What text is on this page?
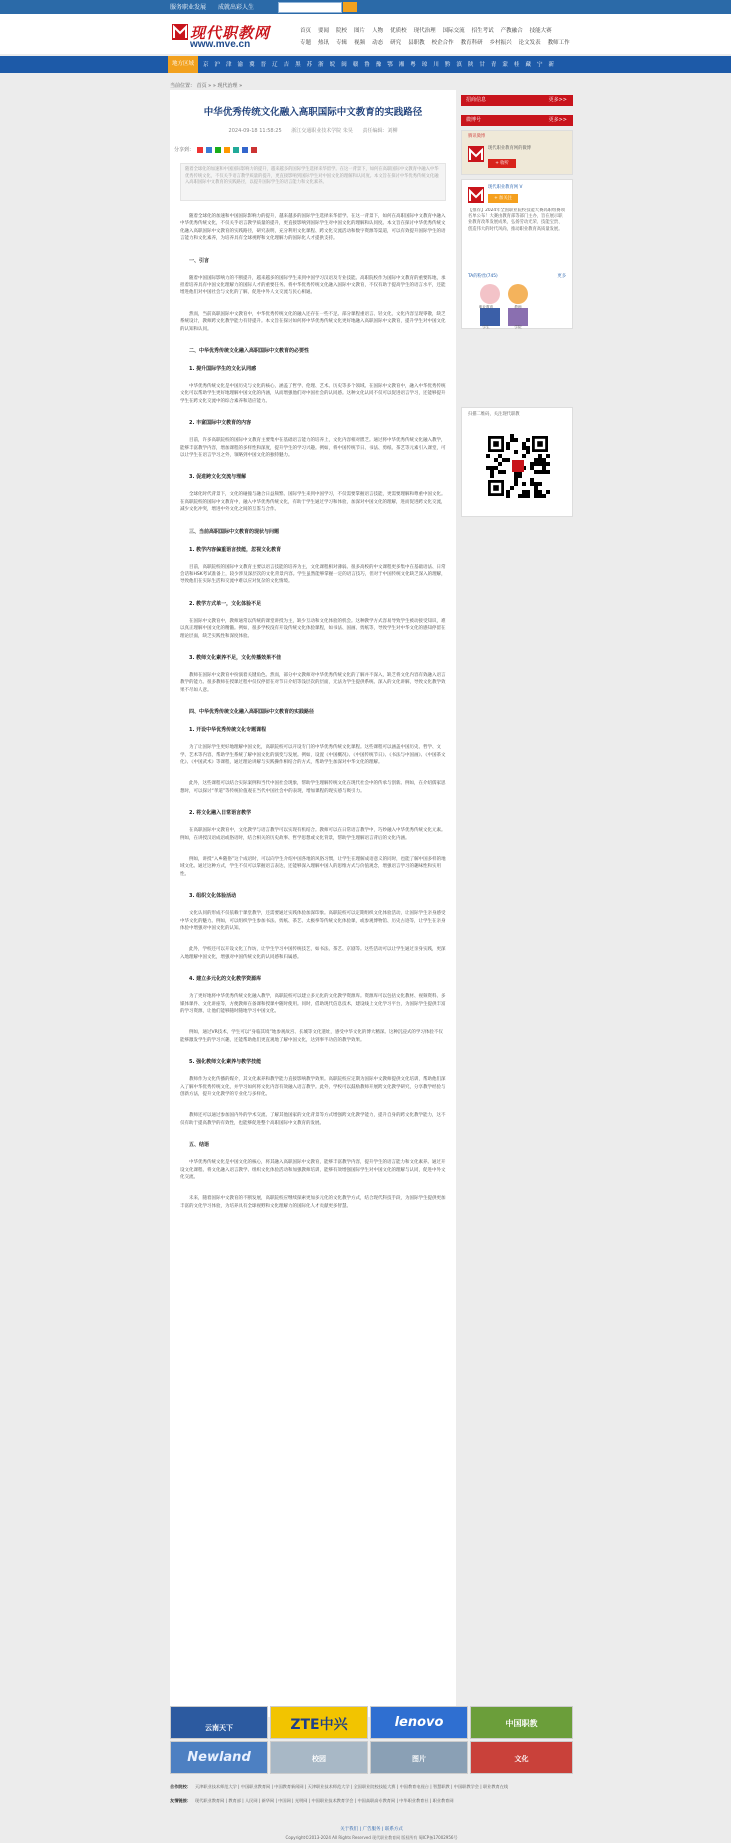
服务职业发展 成就出彩人生
现代职教网
www.mve.cn
首页 要闻 院校 图片 人物 优质校 现代治理 国际交流 招生考试 产教融合 技能大赛
专题 热讯 专辑 视频 动态 研究 县职教 校企合作 教育科研 乡村振兴 论文发表 教师工作
地方区域	京 沪 津 渝 冀 晋 辽 吉 黑 苏 浙 皖 闽 赣 鲁 豫 鄂 湘 粤 琼 川 黔 滇 陕 甘 青 蒙 桂 藏 宁 新
当前位置： 首页 » » 现代治理 »
中华优秀传统文化融入高职国际中文教育的实践路径
2024-09-18 11:58:25 浙江交通职业技术学院 朱昊 责任编辑：刘柳
分享到：
随着全球化的加速和中国国际影响力的提升，越来越多的国际学生选择来华留学。在这一背景下，如何在高职国际中文教育中融入中华优秀传统文化，不仅关乎语言教学质量的提升，更直接影响到国际学生对中国文化的理解和认同度。本文旨在探讨中华优秀传统文化融入高职国际中文教育的实践路径，以提升国际学生的语言能力和文化素养。
随着全球化的加速和中国国际影响力的提升，越来越多的国际学生选择来华留学。在这一背景下，如何在高职国际中文教育中融入中华优秀传统文化，不仅关乎语言教学质量的提升，更直接影响到国际学生对中国文化的理解和认同度。本文旨在探讨中华优秀传统文化融入高职国际中文教育的实践路径，研究表明，充分利用文化课程、跨文化交流活动和数字资源等渠道，可以有效提升国际学生的语言能力和文化素养，为培养具有全球视野和文化理解力的国际化人才提供支持。
一、引言
随着中国国际影响力的不断提升，越来越多的国际学生来到中国学习汉语及专业技能。高职院校作为国际中文教育的重要阵地，承担着培养具有中国文化理解力的国际人才的重要任务。将中华优秀传统文化融入国际中文教育，不仅有助于提高学生的语言水平，还能增进他们对中国社会与文化的了解，促进中外人文交流与民心相通。
然而，当前高职国际中文教育中，中华优秀传统文化的融入还存在一些不足。部分课程重语言、轻文化，文化内容呈现零散，缺乏系统设计，教师跨文化教学能力有待提升。本文旨在探讨如何将中华优秀传统文化更好地融入高职国际中文教育，提升学生对中国文化的认知和认同。
二、中华优秀传统文化融入高职国际中文教育的必要性
1. 提升国际学生的文化认同感
中华优秀传统文化是中国历史与文化的核心，涵盖了哲学、伦理、艺术、历史等多个领域。在国际中文教育中，融入中华优秀传统文化可以帮助学生更好地理解中国文化的内涵，从而增强他们对中国社会的认同感。这种文化认同不仅可以促进语言学习，还能够提升学生在跨文化交流中的综合素养和适应能力。
2. 丰富国际中文教育的内容
目前，许多高职院校的国际中文教育主要集中在基础语言能力的培养上，文化内容相对匮乏。通过将中华优秀传统文化融入教学，能够丰富教学内容，增加课程的多样性和深度，提升学生的学习兴趣。例如，将中国传统节日、书法、剪纸、茶艺等元素引入课堂，可以让学生在语言学习之外，领略到中国文化的独特魅力。
3. 促进跨文化交流与理解
全球化时代背景下，文化的碰撞与融合日益频繁。国际学生来到中国学习，不仅需要掌握语言技能，更需要理解和尊重中国文化。在高职院校的国际中文教育中，融入中华优秀传统文化，有助于学生通过学习和体验，加深对中国文化的理解，进而促进跨文化交流，减少文化冲突，增进中外文化之间的互鉴与合作。
三、当前高职国际中文教育的现状与问题
1. 教学内容偏重语言技能，忽视文化教育
目前，高职院校的国际中文教育主要以语言技能的培养为主，文化课程相对薄弱。很多高校的中文课程更多集中在基础语法、日常会话和HSK考试准备上，较少涉及深层次的文化背景内容。学生虽然能够掌握一定的语言技巧，但对于中国传统文化缺乏深入的理解，导致他们在实际生活和交流中难以应对复杂的文化情境。
2. 教学方式单一，文化体验不足
在国际中文教育中，教师通常以传统的课堂讲授为主，缺少互动和文化体验的机会。这种教学方式容易导致学生被动接受知识，难以真正理解中国文化的精髓。例如，很多学校没有开设传统文化体验课程，如书法、国画、剪纸等，导致学生对中华文化的感知停留在理论层面，缺乏实践性和深度体验。
3. 教师文化素养不足，文化传播效果不佳
教师在国际中文教育中扮演着关键角色。然而，部分中文教师对中华优秀传统文化的了解并不深入，缺乏将文化内容有效融入语言教学的能力。很多教师在授课过程中仅仅停留在对节日介绍等浅层次的层面，无法为学生提供系统、深入的文化讲解，导致文化教学效果不尽如人意。
四、中华优秀传统文化融入高职国际中文教育的实践路径
1. 开设中华优秀传统文化专题课程
为了让国际学生更好地理解中国文化，高职院校可以开设专门的中华优秀传统文化课程。这些课程可以涵盖中国历史、哲学、文学、艺术等内容，帮助学生系统了解中国文化的演变与发展。例如，设置《中国概况》、《中国传统节日》、《书法与中国画》、《中国茶文化》、《中国武术》等课程，通过理论讲解与实践操作相结合的方式，帮助学生加深对中华文化的理解。
此外，这些课程可以结合实际案例和当代中国社会现象，帮助学生理解传统文化在现代社会中的传承与创新。例如，在介绍儒家思想时，可以探讨“孝道”等传统价值观在当代中国社会中的表现，增加课程的现实感与吸引力。
2. 将文化融入日常语言教学
在高职国际中文教育中，文化教学与语言教学可以实现有机结合。教师可以在日常语言教学中，巧妙融入中华优秀传统文化元素。例如，在讲授汉语成语或俗语时，结合相关的历史故事、哲学思想或文化背景，帮助学生理解语言背后的文化内涵。
例如，讲授“入乡随俗”这个成语时，可以向学生介绍中国各地的风俗习惯，让学生在理解成语意义的同时，也能了解中国多样的地域文化。通过这种方式，学生不仅可以掌握语言表达，还能够深入理解中国人的思维方式与价值观念，增强语言学习的趣味性和实用性。
3. 组织文化体验活动
文化认同的形成不仅依赖于课堂教学，还需要通过实践体验加深印象。高职院校可以定期组织文化体验活动，让国际学生亲身感受中华文化的魅力。例如，可以组织学生参加书法、剪纸、茶艺、太极拳等传统文化体验课，或参观博物馆、历史古迹等，让学生在亲身体验中增强对中国文化的认知。
此外，学校还可以开设文化工作坊，让学生学习中国传统技艺，如书法、茶艺、京剧等。这些活动可以让学生通过亲身实践，更深入地理解中国文化，增强对中国传统文化的认同感和归属感。
4. 建立多元化的文化教学资源库
为了更好地将中华优秀传统文化融入教学，高职院校可以建立多元化的文化教学资源库。资源库可以包括文化教材、视频资料、多媒体课件、文化讲座等，方便教师在备课和授课中随时使用。同时，借助现代信息技术，建设线上文化学习平台，为国际学生提供丰富的学习资源，让他们能够随时随地学习中国文化。
例如，通过VR技术，学生可以“身临其境”地参观故宫、长城等文化遗址，感受中华文化的博大精深。这种沉浸式的学习体验不仅能够激发学生的学习兴趣，还能帮助他们更直观地了解中国文化，达到事半功倍的教学效果。
5. 强化教师文化素养与教学技能
教师作为文化传播的媒介，其文化素养和教学能力直接影响教学效果。高职院校应定期为国际中文教师提供文化培训，帮助他们深入了解中华优秀传统文化，并学习如何将文化内容有效融入语言教学。此外，学校可以鼓励教师开展跨文化教学研究，分享教学经验与创新方法，提升文化教学的专业化与多样化。
教师还可以通过参加国内外的学术交流、了解其他国家的文化背景等方式增强跨文化教学能力，提升自身的跨文化教学能力，这不仅有助于提高教学的有效性，也能够促进整个高职国际中文教育的发展。
五、结语
中华优秀传统文化是中国文化的核心，将其融入高职国际中文教育，能够丰富教学内容，提升学生的语言能力和文化素养。通过开设文化课程、将文化融入语言教学、组织文化体验活动和加强教师培训，能够有效增强国际学生对中国文化的理解与认同，促进中外文化交流。
未来，随着国际中文教育的不断发展，高职院校应继续探索更加多元化的文化教学方式，结合现代科技手段，为国际学生提供更加丰富的文化学习体验，为培养具有全球视野和文化理解力的国际化人才贡献更多智慧。
招商信息	更多>>
微博号	更多>>
腾讯微博
现代职业教育网的微博
+ 收听
现代职业教育网 V
+ 加关注
【推荐】2024年全国职业院校技能大赛高职组赛项名单公布！大赛由教育部等部门主办，旨在展示职业教育改革发展成果，弘扬劳动光荣、技能宝贵、创造伟大的时代风尚，推动职业教育高质量发展。
TA的粉丝(745)	更多
职业教育	教师
学生	学院
扫描二维码，关注现代职教
云南天下	ZTE中兴	lenovo	中国职教
Newland	校园	图片	文化
合作院校： 天津职业技术师范大学 | 中国职业教育网 | 中国教育新闻网 | 天津职业技术师范大学 | 全国职业院校技能大赛 | 中国教育电视台 | 智慧职教 | 中国职教学会 | 职业教育在线
友情链接： 现代职业教育网 | 教育部 | 人民网 | 新华网 | 中国网 | 光明网 | 中国职业技术教育学会 | 中国高职高专教育网 | 中华职业教育社 | 职业教育网
关于我们 | 广告服务 | 联系方式
Copyright©2013-2024 All Rights Reserved 现代职业教育网 版权所有 蜀ICP备17002956号
